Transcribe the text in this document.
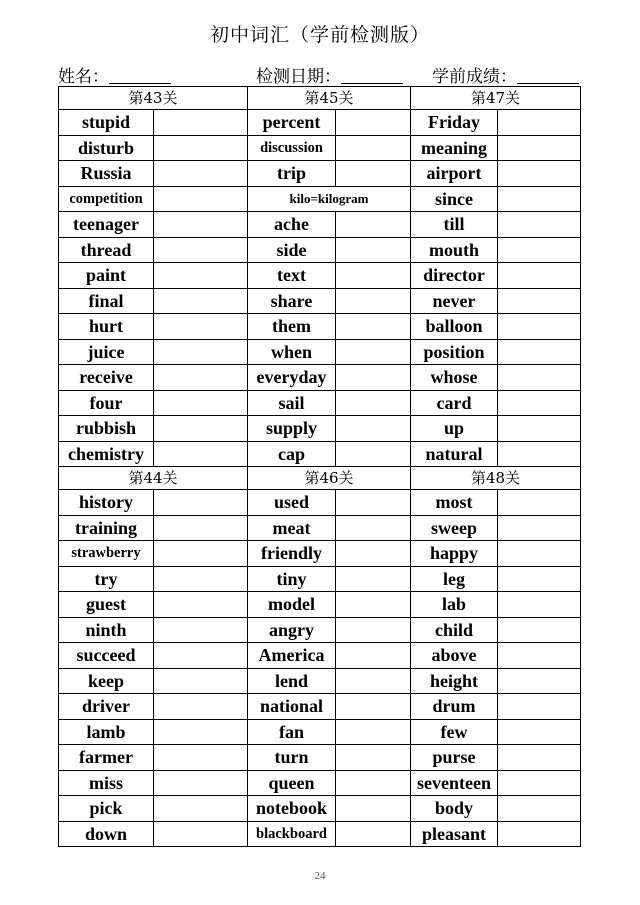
初中词汇（学前检测版）
姓名：	检测日期：	学前成绩：
第43关		第45关		第47关	
stupid		percent		Friday	
disturb		discussion		meaning	
Russia		trip		airport	
competition		kilo=kilogram		since	
teenager		ache		till	
thread		side		mouth	
paint		text		director	
final		share		never	
hurt		them		balloon	
juice		when		position	
receive		everyday		whose	
four		sail		card	
rubbish		supply		up	
chemistry		cap		natural	
第44关		第46关		第48关	
history		used		most	
training		meat		sweep	
strawberry		friendly		happy	
try		tiny		leg	
guest		model		lab	
ninth		angry		child	
succeed		America		above	
keep		lend		height	
driver		national		drum	
lamb		fan		few	
farmer		turn		purse	
miss		queen		seventeen	
pick		notebook		body	
down		blackboard		pleasant	
24
